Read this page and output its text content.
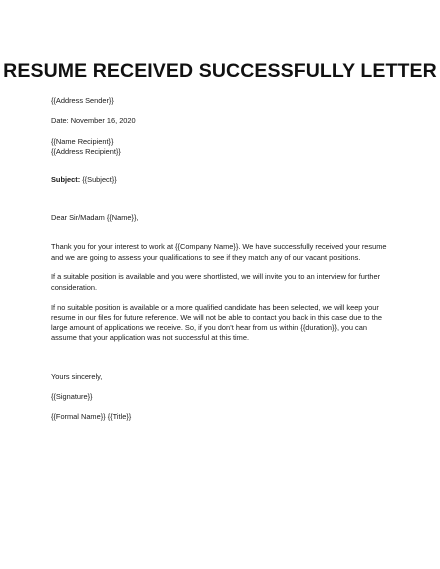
RESUME RECEIVED SUCCESSFULLY LETTER
{{Address Sender}}
Date: November 16, 2020
{{Name Recipient}}
{{Address Recipient}}
Subject: {{Subject}}
Dear Sir/Madam {{Name}},
Thank you for your interest to work at {{Company Name}}. We have successfully received your resume
and we are going to assess your qualifications to see if they match any of our vacant positions.
If a suitable position is available and you were shortlisted, we will invite you to an interview for further
consideration.
If no suitable position is available or a more qualified candidate has been selected, we will keep your
resume in our files for future reference. We will not be able to contact you back in this case due to the
large amount of applications we receive. So, if you don’t hear from us within {{duration}}, you can
assume that your application was not successful at this time.
Yours sincerely,
{{Signature}}
{{Formal Name}} {{Title}}
